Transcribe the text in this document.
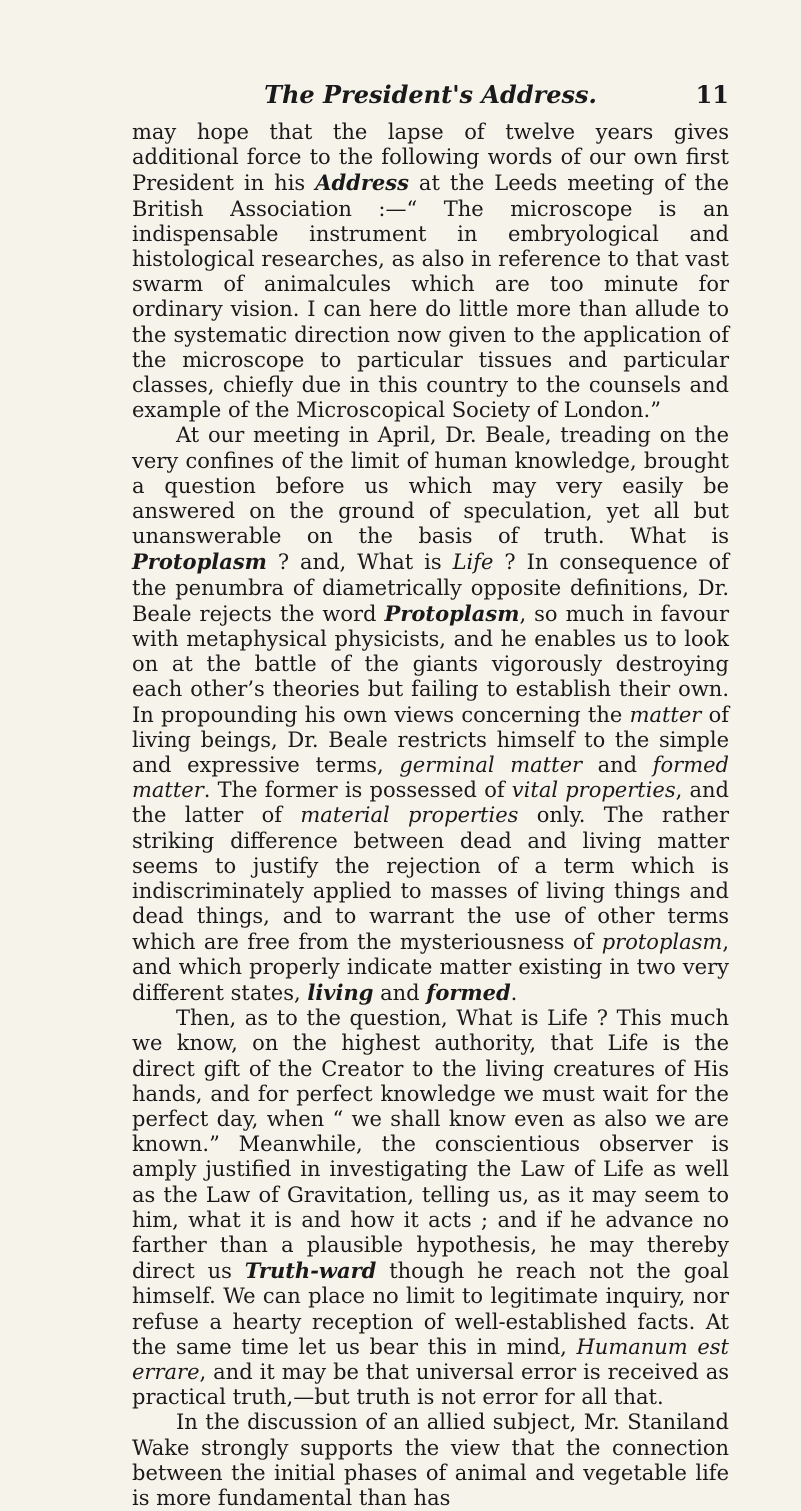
The President's Address.	11

may hope that the lapse of twelve years gives additional force to the following words of our own first President in his Address at the Leeds meeting of the British Association :—“ The microscope is an indispensable instrument in embryological and histological researches, as also in reference to that vast swarm of animalcules which are too minute for ordinary vision. I can here do little more than allude to the systematic direction now given to the application of the microscope to particular tissues and particular classes, chiefly due in this country to the counsels and example of the Microscopical Society of London.”

At our meeting in April, Dr. Beale, treading on the very confines of the limit of human knowledge, brought a question before us which may very easily be answered on the ground of speculation, yet all but unanswerable on the basis of truth. What is Protoplasm ? and, What is Life ? In consequence of the penumbra of diametrically opposite definitions, Dr. Beale rejects the word Protoplasm, so much in favour with metaphysical physicists, and he enables us to look on at the battle of the giants vigorously destroying each other’s theories but failing to establish their own. In propounding his own views concerning the matter of living beings, Dr. Beale restricts himself to the simple and expressive terms, germinal matter and formed matter. The former is possessed of vital properties, and the latter of material properties only. The rather striking difference between dead and living matter seems to justify the rejection of a term which is indiscriminately applied to masses of living things and dead things, and to warrant the use of other terms which are free from the mysteriousness of protoplasm, and which properly indicate matter existing in two very different states, living and formed.

Then, as to the question, What is Life ? This much we know, on the highest authority, that Life is the direct gift of the Creator to the living creatures of His hands, and for perfect knowledge we must wait for the perfect day, when “ we shall know even as also we are known.” Meanwhile, the conscientious observer is amply justified in investigating the Law of Life as well as the Law of Gravitation, telling us, as it may seem to him, what it is and how it acts ; and if he advance no farther than a plausible hypothesis, he may thereby direct us Truth-ward though he reach not the goal himself. We can place no limit to legitimate inquiry, nor refuse a hearty reception of well-established facts. At the same time let us bear this in mind, Humanum est errare, and it may be that universal error is received as practical truth,—but truth is not error for all that.

In the discussion of an allied subject, Mr. Staniland Wake strongly supports the view that the connection between the initial phases of animal and vegetable life is more fundamental than has
